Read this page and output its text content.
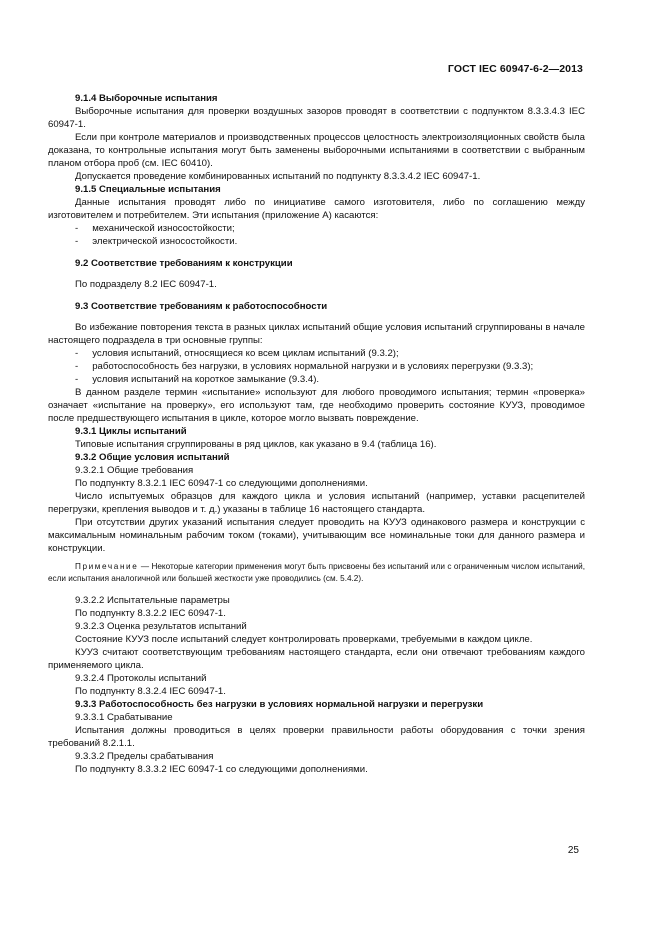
ГОСТ IEC 60947-6-2—2013

9.1.4 Выборочные испытания

Выборочные испытания для проверки воздушных зазоров проводят в соответствии с подпунктом 8.3.3.4.3 IEC 60947-1.

Если при контроле материалов и производственных процессов целостность электроизоляционных свойств была доказана, то контрольные испытания могут быть заменены выборочными испытаниями в соответствии с выбранным планом отбора проб (см. IEC 60410).

Допускается проведение комбинированных испытаний по подпункту 8.3.3.4.2 IEC 60947-1.

9.1.5 Специальные испытания

Данные испытания проводят либо по инициативе самого изготовителя, либо по соглашению между изготовителем и потребителем. Эти испытания (приложение А) касаются:

- механической износостойкости;

- электрической износостойкости.

9.2 Соответствие требованиям к конструкции

По подразделу 8.2 IEC 60947-1.

9.3 Соответствие требованиям к работоспособности

Во избежание повторения текста в разных циклах испытаний общие условия испытаний сгруппированы в начале настоящего подраздела в три основные группы:

- условия испытаний, относящиеся ко всем циклам испытаний (9.3.2);

- работоспособность без нагрузки, в условиях нормальной нагрузки и в условиях перегрузки (9.3.3);

- условия испытаний на короткое замыкание (9.3.4).

В данном разделе термин «испытание» используют для любого проводимого испытания; термин «проверка» означает «испытание на проверку», его используют там, где необходимо проверить состояние КУУЗ, проводимое после предшествующего испытания в цикле, которое могло вызвать повреждение.

9.3.1 Циклы испытаний

Типовые испытания сгруппированы в ряд циклов, как указано в 9.4 (таблица 16).

9.3.2 Общие условия испытаний

9.3.2.1 Общие требования

По подпункту 8.3.2.1 IEC 60947-1 со следующими дополнениями.

Число испытуемых образцов для каждого цикла и условия испытаний (например, уставки расцепителей перегрузки, крепления выводов и т. д.) указаны в таблице 16 настоящего стандарта.

При отсутствии других указаний испытания следует проводить на КУУЗ одинакового размера и конструкции с максимальным номинальным рабочим током (токами), учитывающим все номинальные токи для данного размера и конструкции.

Примечание — Некоторые категории применения могут быть присвоены без испытаний или с ограниченным числом испытаний, если испытания аналогичной или большей жесткости уже проводились (см. 5.4.2).

9.3.2.2 Испытательные параметры

По подпункту 8.3.2.2 IEC 60947-1.

9.3.2.3 Оценка результатов испытаний

Состояние КУУЗ после испытаний следует контролировать проверками, требуемыми в каждом цикле.

КУУЗ считают соответствующим требованиям настоящего стандарта, если они отвечают требованиям каждого применяемого цикла.

9.3.2.4 Протоколы испытаний

По подпункту 8.3.2.4 IEC 60947-1.

9.3.3 Работоспособность без нагрузки в условиях нормальной нагрузки и перегрузки

9.3.3.1 Срабатывание

Испытания должны проводиться в целях проверки правильности работы оборудования с точки зрения требований 8.2.1.1.

9.3.3.2 Пределы срабатывания

По подпункту 8.3.3.2 IEC 60947-1 со следующими дополнениями.

25
